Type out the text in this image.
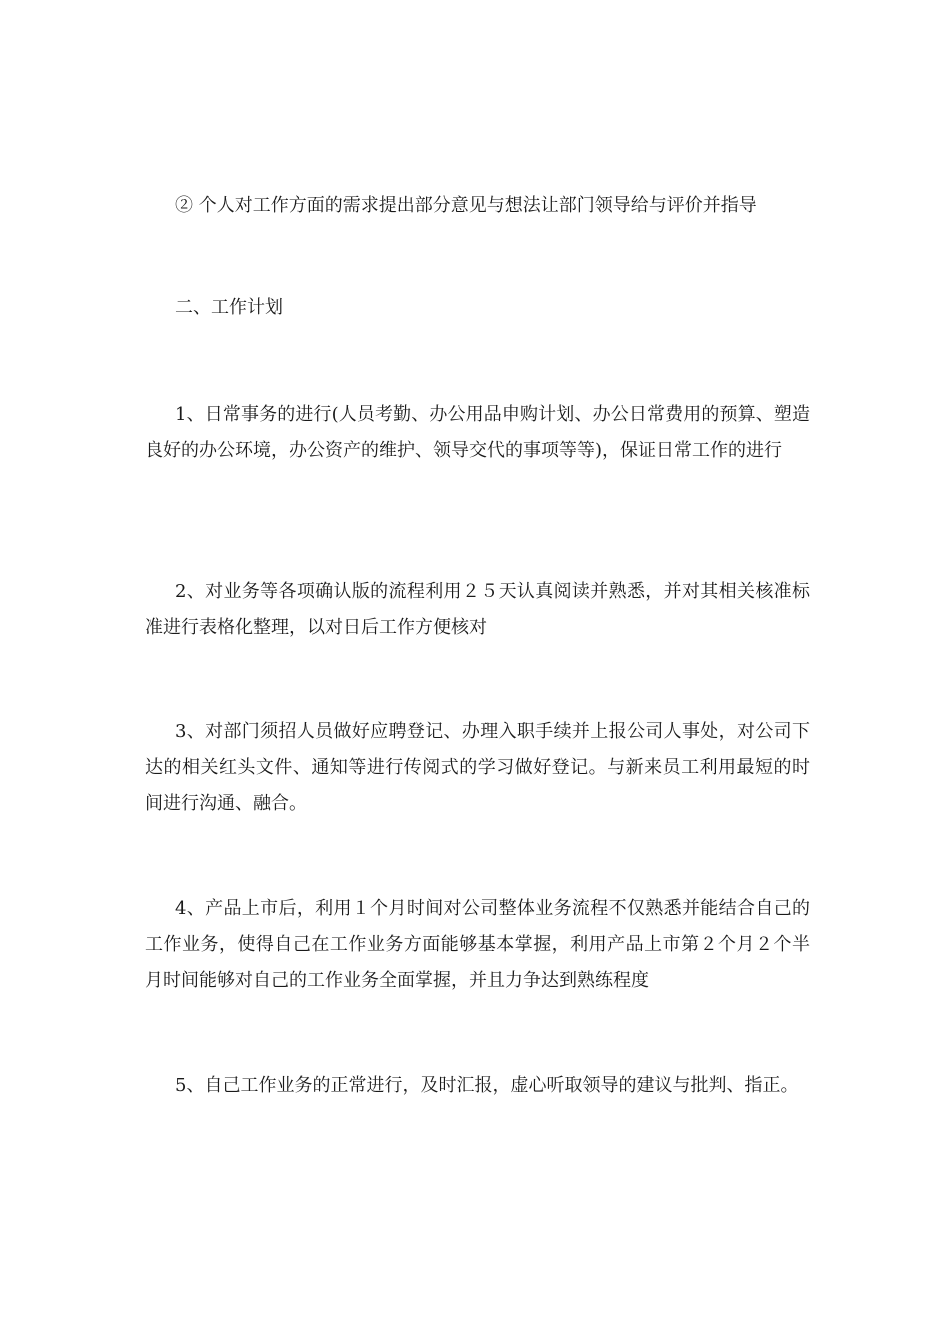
② 个人对工作方面的需求提出部分意见与想法让部门领导给与评价并指导

二、工作计划

1、日常事务的进行(人员考勤、办公用品申购计划、办公日常费用的预算、塑造良好的办公环境，办公资产的维护、领导交代的事项等等)，保证日常工作的进行

2、对业务等各项确认版的流程利用２５天认真阅读并熟悉，并对其相关核准标准进行表格化整理，以对日后工作方便核对

3、对部门须招人员做好应聘登记、办理入职手续并上报公司人事处，对公司下达的相关红头文件、通知等进行传阅式的学习做好登记。与新来员工利用最短的时间进行沟通、融合。

4、产品上市后，利用１个月时间对公司整体业务流程不仅熟悉并能结合自己的工作业务，使得自己在工作业务方面能够基本掌握，利用产品上市第２个月２个半月时间能够对自己的工作业务全面掌握，并且力争达到熟练程度

5、自己工作业务的正常进行，及时汇报，虚心听取领导的建议与批判、指正。
